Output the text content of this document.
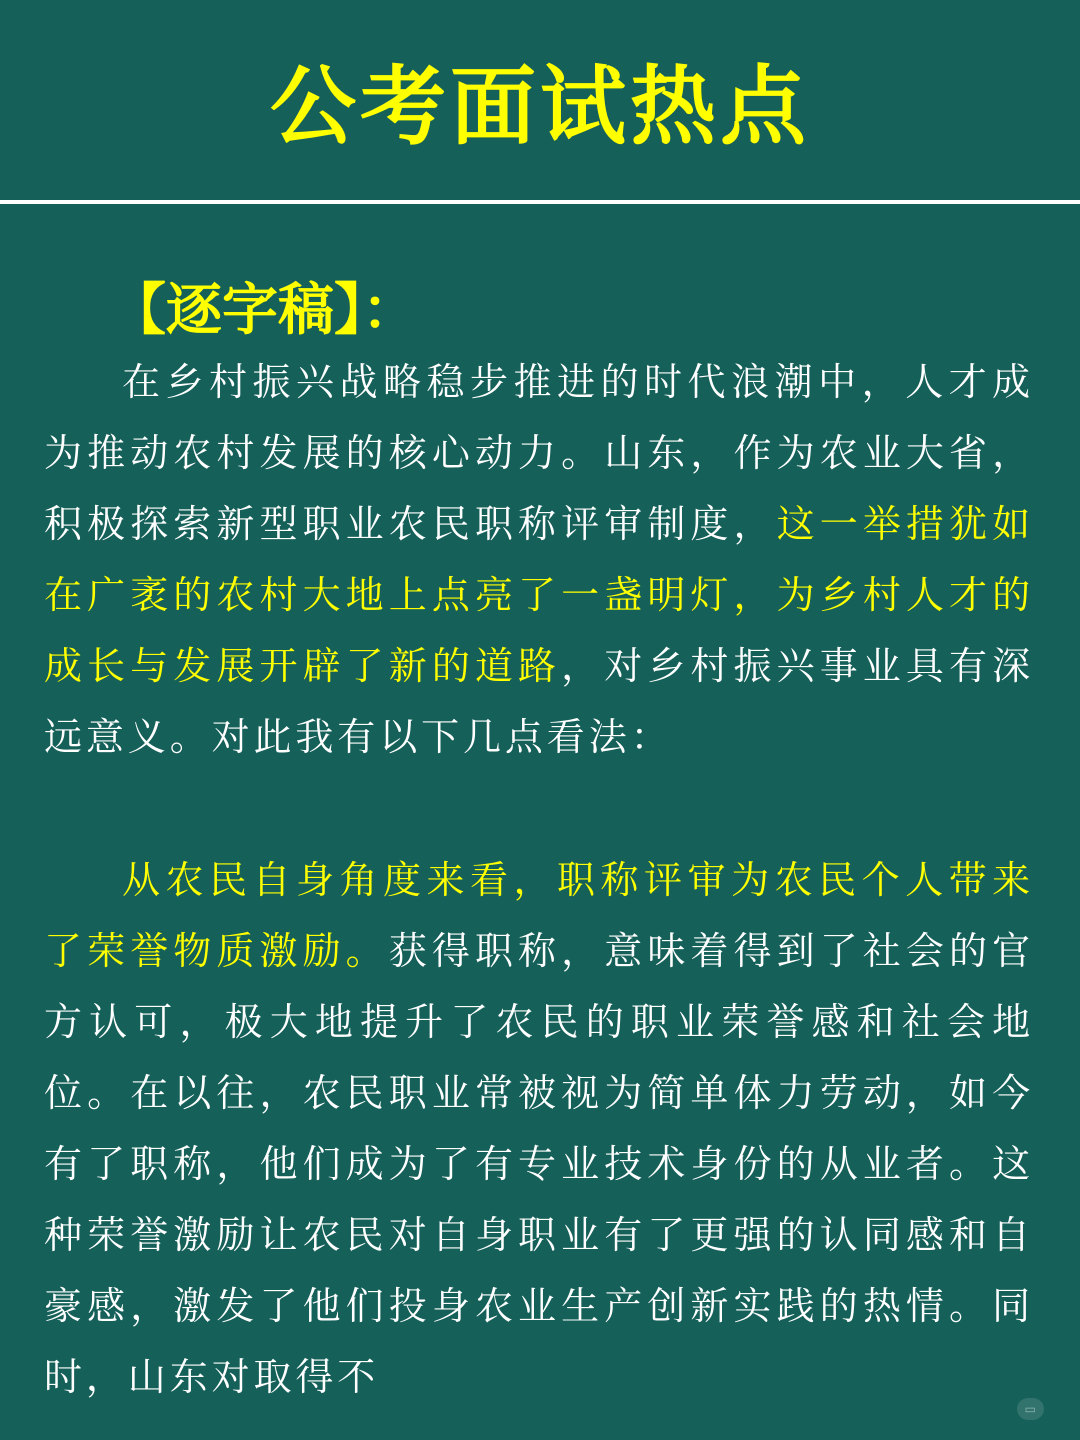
公考面试热点
【逐字稿】：

在乡村振兴战略稳步推进的时代浪潮中，人才成为推动农村发展的核心动力。山东，作为农业大省，积极探索新型职业农民职称评审制度，这一举措犹如在广袤的农村大地上点亮了一盏明灯，为乡村人才的成长与发展开辟了新的道路，对乡村振兴事业具有深远意义。对此我有以下几点看法：

从农民自身角度来看，职称评审为农民个人带来了荣誉物质激励。获得职称，意味着得到了社会的官方认可，极大地提升了农民的职业荣誉感和社会地位。在以往，农民职业常被视为简单体力劳动，如今有了职称，他们成为了有专业技术身份的从业者。这种荣誉激励让农民对自身职业有了更强的认同感和自豪感，激发了他们投身农业生产创新实践的热情。同时，山东对取得不

▭
